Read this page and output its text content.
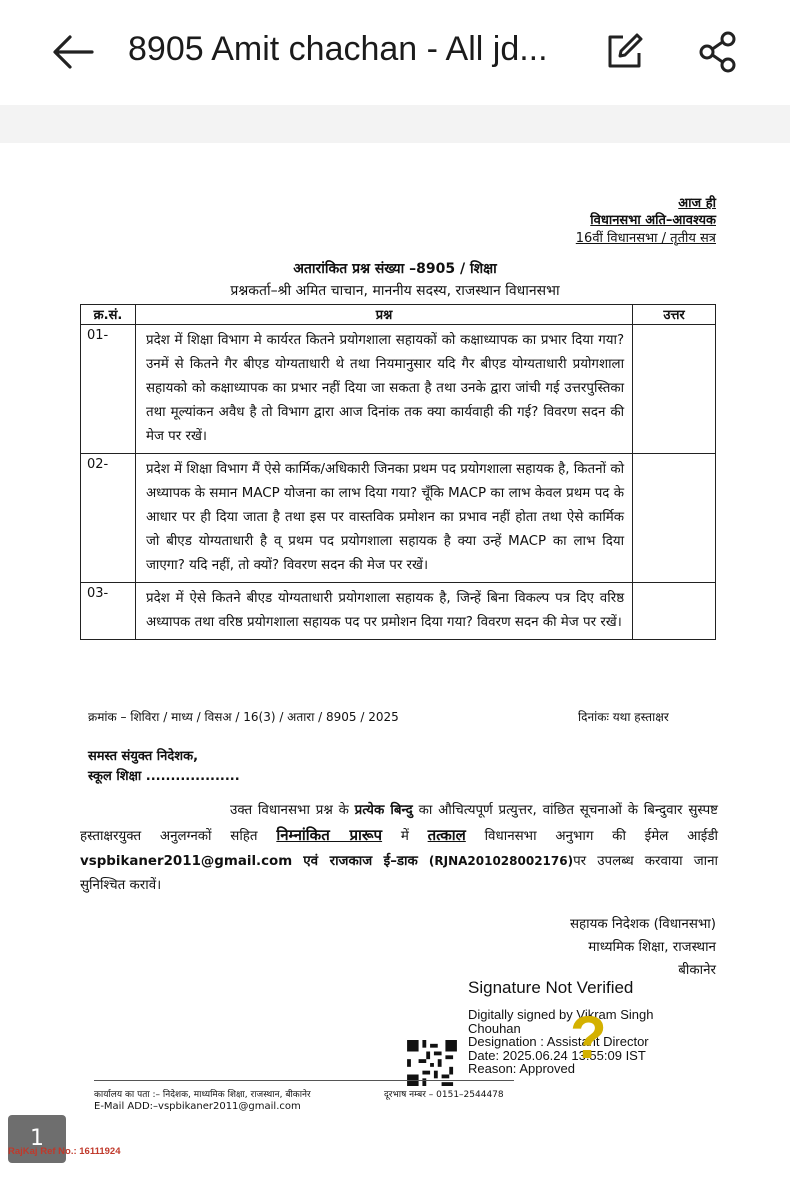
8905 Amit chachan - All jd...
आज ही
विधानसभा अति–आवश्यक
16वीं विधानसभा / तृतीय सत्र
अतारांकित प्रश्न संख्या –8905 / शिक्षा
प्रश्नकर्ता–श्री अमित चाचान, माननीय सदस्य, राजस्थान विधानसभा
क्र.सं.	प्रश्न	उत्तर
01-	प्रदेश में शिक्षा विभाग मे कार्यरत कितने प्रयोगशाला सहायकों को कक्षाध्यापक का प्रभार दिया गया? उनमें से कितने गैर बीएड योग्यताधारी थे तथा नियमानुसार यदि गैर बीएड योग्यताधारी प्रयोगशाला सहायको को कक्षाध्यापक का प्रभार नहीं दिया जा सकता है तथा उनके द्वारा जांची गई उत्तरपुस्तिका तथा मूल्यांकन अवैध है तो विभाग द्वारा आज दिनांक तक क्या कार्यवाही की गई? विवरण सदन की मेज पर रखें।	
02-	प्रदेश में शिक्षा विभाग मैं ऐसे कार्मिक/अधिकारी जिनका प्रथम पद प्रयोगशाला सहायक है, कितनों को अध्यापक के समान MACP योजना का लाभ दिया गया? चूँकि MACP का लाभ केवल प्रथम पद के आधार पर ही दिया जाता है तथा इस पर वास्तविक प्रमोशन का प्रभाव नहीं होता तथा ऐसे कार्मिक जो बीएड योग्यताधारी है व् प्रथम पद प्रयोगशाला सहायक है क्या उन्हें MACP का लाभ दिया जाएगा? यदि नहीं, तो क्यों? विवरण सदन की मेज पर रखें।	
03-	प्रदेश में ऐसे कितने बीएड योग्यताधारी प्रयोगशाला सहायक है, जिन्हें बिना विकल्प पत्र दिए वरिष्ठ अध्यापक तथा वरिष्ठ प्रयोगशाला सहायक पद पर प्रमोशन दिया गया? विवरण सदन की मेज पर रखें।	
क्रमांक – शिविरा / माध्य / विसअ / 16(3) / अतारा / 8905 / 2025	दिनांकः यथा हस्ताक्षर
समस्त संयुक्त निदेशक,
स्कूल शिक्षा ...................
उक्त विधानसभा प्रश्न के प्रत्येक बिन्दु का औचित्यपूर्ण प्रत्युत्तर, वांछित सूचनाओं के बिन्दुवार सुस्पष्ट हस्ताक्षरयुक्त अनुलग्नकों सहित निम्नांकित प्रारूप में तत्काल विधानसभा अनुभाग की ईमेल आईडी vspbikaner2011@gmail.com एवं राजकाज ई–डाक (RJNA201028002176)पर उपलब्ध करवाया जाना सुनिश्चित करावें।
सहायक निदेशक (विधानसभा)
माध्यमिक शिक्षा, राजस्थान
बीकानेर
Signature Not Verified
Digitally signed by Vikram Singh
Chouhan
Designation : Assistant Director
Date: 2025.06.24 13:55:09 IST
Reason: Approved
?
कार्यालय का पता :– निदेशक, माध्यमिक शिक्षा, राजस्थान, बीकानेर	दूरभाष नम्बर – 0151–2544478
E-Mail ADD:–vspbikaner2011@gmail.com
1
RajKaj Ref No.: 16111924
